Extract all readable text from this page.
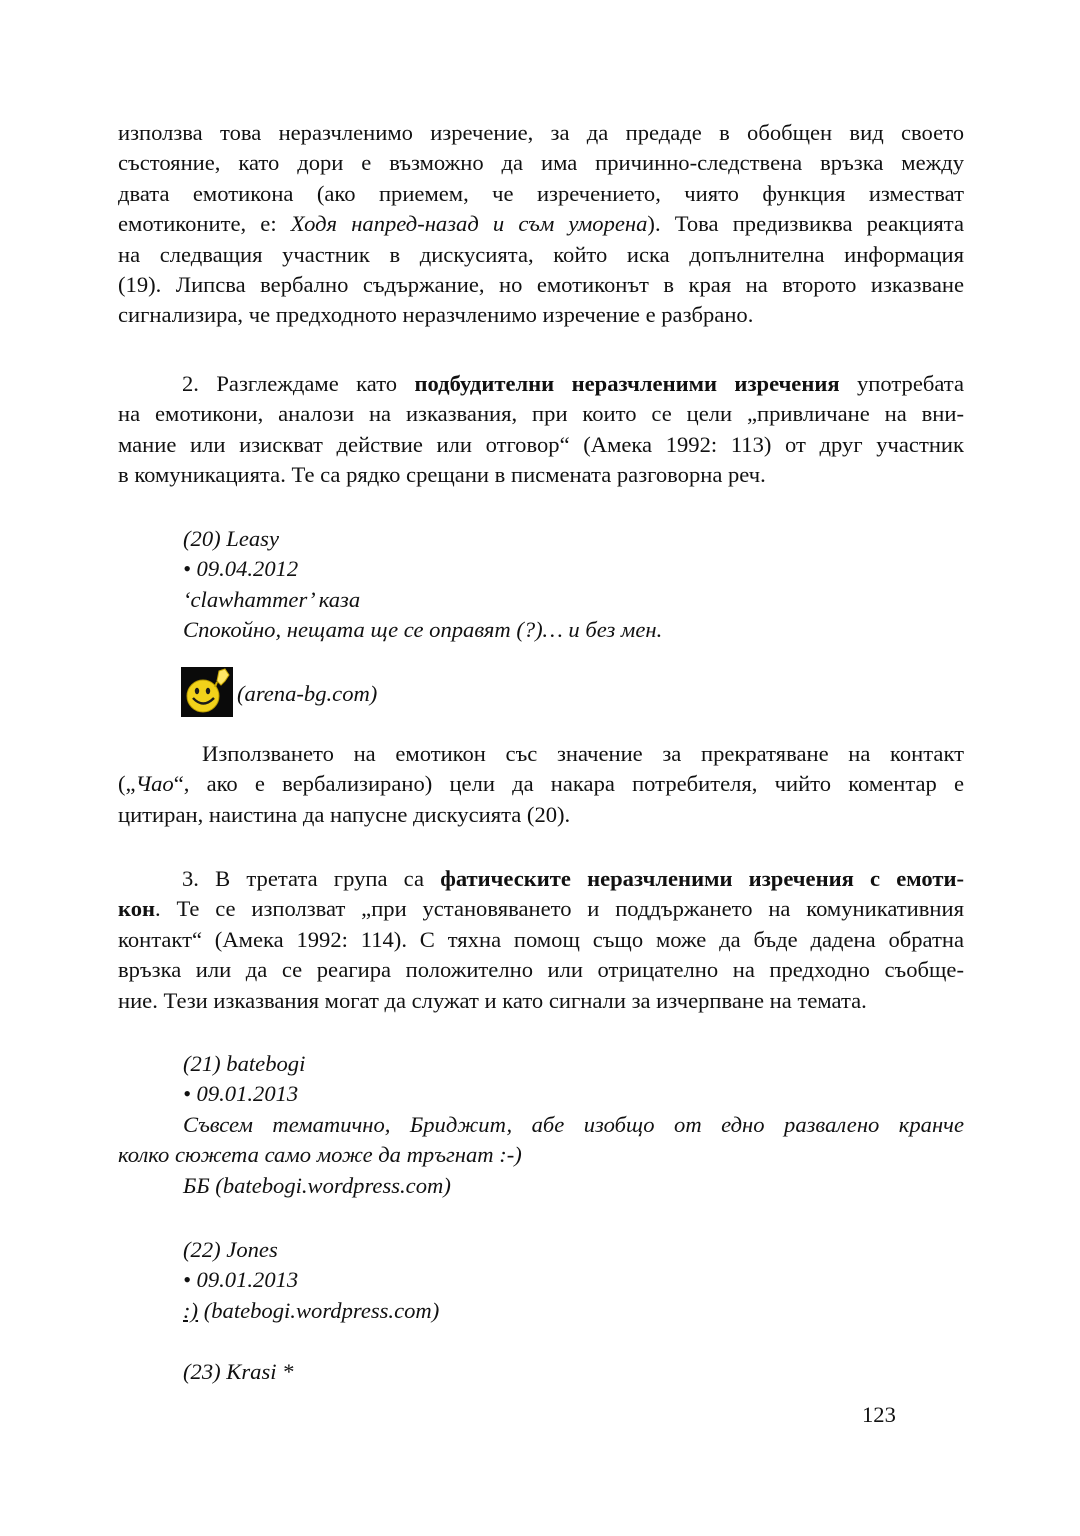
използва това неразчленимо изречение, за да предаде в обобщен вид своето
състояние, като дори е възможно да има причинно-следствена връзка между
двата емотикона (ако приемем, че изречението, чиято функция изместват
емотиконите, е: Ходя напред-назад и съм уморена). Това предизвиква реакцията
на следващия участник в дискусията, който иска допълнителна информация
(19). Липсва вербално съдържание, но емотиконът в края на второто изказване
сигнализира, че предходното неразчленимо изречение е разбрано.
2. Разглеждаме като подбудителни неразчленими изречения употребата
на емотикони, аналози на изказвания, при които се цели „привличане на вни-
мание или изискват действие или отговор“ (Амека 1992: 113) от друг участник
в комуникацията. Те са рядко срещани в писмената разговорна реч.
(20) Leasy
• 09.04.2012
‘clawhammer’ каза
Спокойно, нещата ще се оправят (?)… и без мен.
(arena-bg.com)
Използването на емотикон със значение за прекратяване на контакт
(„Чао“, ако е вербализирано) цели да накара потребителя, чийто коментар е
цитиран, наистина да напусне дискусията (20).
3. В третата група са фатическите неразчленими изречения с емоти-
кон. Те се използват „при установяването и поддържането на комуникативния
контакт“ (Амека 1992: 114). С тяхна помощ също може да бъде дадена обратна
връзка или да се реагира положително или отрицателно на предходно съобще-
ние. Тези изказвания могат да служат и като сигнали за изчерпване на темата.
(21) batebogi
• 09.01.2013
Съвсем тематично, Бриджит, абе изобщо от едно развалено кранче
колко сюжета само може да тръгнат :-)
ББ (batebogi.wordpress.com)
(22) Jones
• 09.01.2013
:) (batebogi.wordpress.com)
(23) Krasi *
123
